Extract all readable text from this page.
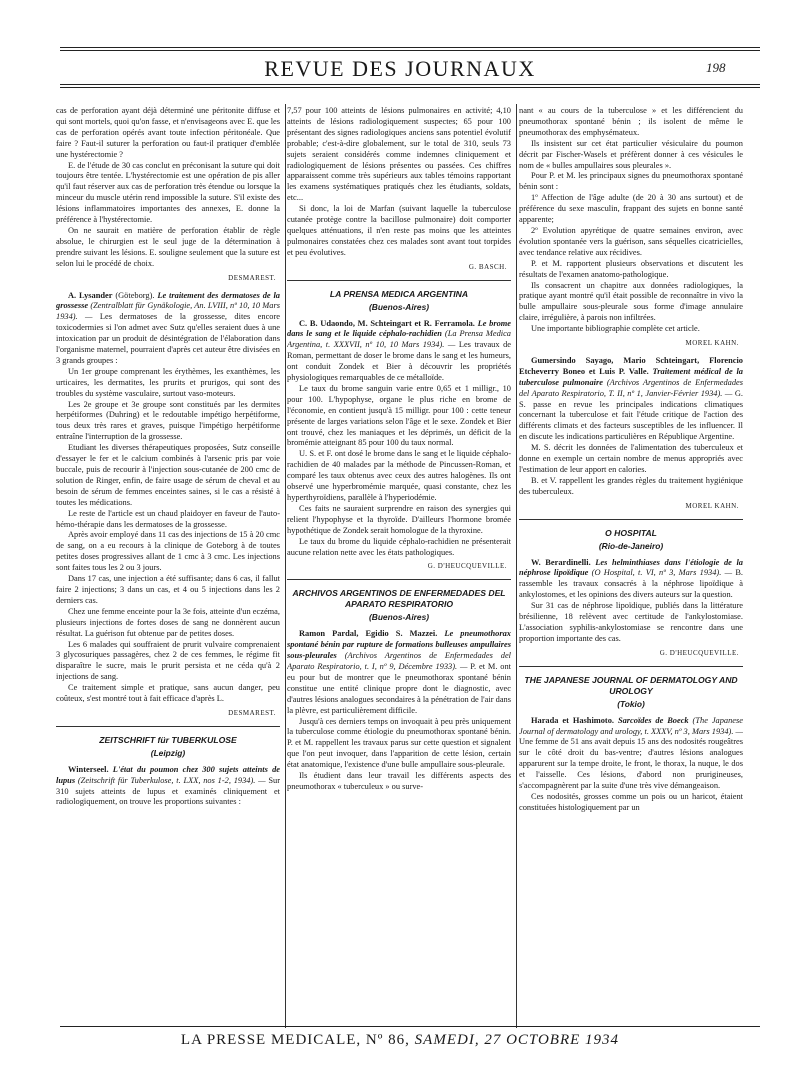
REVUE DES JOURNAUX	198

cas de perforation ayant déjà déterminé une péritonite diffuse et qui sont mortels, quoi qu'on fasse, et n'envisageons avec E. que les cas de perforation opérés avant toute infection péritonéale. Que faire ? Faut-il suturer la perforation ou faut-il pratiquer d'emblée une hystérectomie ?

E. de l'étude de 30 cas conclut en préconisant la suture qui doit toujours être tentée. L'hystérectomie est une opération de pis aller qu'il faut réserver aux cas de perforation très étendue ou lorsque la minceur du muscle utérin rend impossible la suture. S'il existe des lésions inflammatoires importantes des annexes, E. donne la préférence à l'hystérectomie.

On ne saurait en matière de perforation établir de règle absolue, le chirurgien est le seul juge de la détermination à prendre suivant les lésions. E. souligne seulement que la suture est selon lui le procédé de choix.

DESMAREST.

A. Lysander (Göteborg). Le traitement des dermatoses de la grossesse (Zentralblatt für Gynäkologie, An. LVIII, nº 10, 10 Mars 1934). — Les dermatoses de la grossesse, dites encore toxicodermies si l'on admet avec Sutz qu'elles seraient dues à une intoxication par un produit de désintégration de l'élaboration dans l'organisme maternel, pourraient d'après cet auteur être divisées en 3 grands groupes :

Un 1er groupe comprenant les érythèmes, les exanthèmes, les urticaires, les dermatites, les prurits et prurigos, qui sont des troubles du système vasculaire, surtout vaso-moteurs.

Les 2e groupe et 3e groupe sont constitués par les dermites herpétiformes (Duhring) et le redoutable impétigo herpétiforme, tous deux très rares et graves, puisque l'impétigo herpétiforme entraîne l'interruption de la grossesse.

Etudiant les diverses thérapeutiques proposées, Sutz conseille d'essayer le fer et le calcium combinés à l'arsenic pris par voie buccale, puis de recourir à l'injection sous-cutanée de 200 cmc de solution de Ringer, enfin, de faire usage de sérum de cheval et au besoin de sérum de femmes enceintes saines, si le cas a résisté à toutes les médications.

Le reste de l'article est un chaud plaidoyer en faveur de l'auto-hémo-thérapie dans les dermatoses de la grossesse.

Après avoir employé dans 11 cas des injections de 15 à 20 cmc de sang, on a eu recours à la clinique de Goteborg à de toutes petites doses progressives allant de 1 cmc à 3 cmc. Les injections sont faites tous les 2 ou 3 jours.

Dans 17 cas, une injection a été suffisante; dans 6 cas, il fallut faire 2 injections; 3 dans un cas, et 4 ou 5 injections dans les 2 derniers cas.

Chez une femme enceinte pour la 3e fois, atteinte d'un eczéma, plusieurs injections de fortes doses de sang ne donnèrent aucun résultat. La guérison fut obtenue par de petites doses.

Les 6 malades qui souffraient de prurit vulvaire comprenaient 3 glycosuriques passagères, chez 2 de ces femmes, le régime fit disparaître le sucre, mais le prurit persista et ne céda qu'à 2 injections de sang.

Ce traitement simple et pratique, sans aucun danger, peu coûteux, s'est montré tout à fait efficace d'après L.

DESMAREST.
ZEITSCHRIFT für TUBERKULOSE
(Leipzig)

Winterseel. L'état du poumon chez 300 sujets atteints de lupus (Zeitschrift für Tuberkulose, t. LXX, nos 1-2, 1934). — Sur 310 sujets atteints de lupus et examinés cliniquement et radiologiquement, on trouve les proportions suivantes :

7,57 pour 100 atteints de lésions pulmonaires en activité; 4,10 atteints de lésions radiologiquement suspectes; 65 pour 100 présentant des signes radiologiques anciens sans potentiel évolutif probable; c'est-à-dire globalement, sur le total de 310, seuls 73 sujets seraient considérés comme indemnes cliniquement et radiologiquement de lésions présentes ou passées. Ces chiffres apparaissent comme très supérieurs aux tables témoins rapportant les examens systématiques pratiqués chez les étudiants, soldats, etc...

Si donc, la loi de Marfan (suivant laquelle la tuberculose cutanée protège contre la bacillose pulmonaire) doit comporter quelques atténuations, il n'en reste pas moins que les atteintes pulmonaires constatées chez ces malades sont avant tout torpides et peu évolutives.

G. BASCH.
LA PRENSA MEDICA ARGENTINA
(Buenos-Aires)

C. B. Udaondo, M. Schteingart et R. Ferramola. Le brome dans le sang et le liquide céphalo-rachidien (La Prensa Medica Argentina, t. XXXVII, nº 10, 10 Mars 1934). — Les travaux de Roman, permettant de doser le brome dans le sang et les humeurs, ont conduit Zondek et Bier à découvrir les propriétés physiologiques remarquables de ce métalloïde.

Le taux du brome sanguin varie entre 0,65 et 1 milligr., 10 pour 100. L'hypophyse, organe le plus riche en brome de l'économie, en contient jusqu'à 15 milligr. pour 100 : cette teneur présente de larges variations selon l'âge et le sexe. Zondek et Bier ont trouvé, chez les maniaques et les déprimés, un déficit de la bromémie atteignant 85 pour 100 du taux normal.

U. S. et F. ont dosé le brome dans le sang et le liquide céphalo-rachidien de 40 malades par la méthode de Pincussen-Roman, et comparé les taux obtenus avec ceux des autres halogènes. Ils ont observé une hyperbromémie marquée, quasi constante, chez les hyperthyroïdiens, parallèle à l'hyperiodémie.

Ces faits ne sauraient surprendre en raison des synergies qui relient l'hypophyse et la thyroïde. D'ailleurs l'hormone bromée hypothétique de Zondek serait homologue de la thyroxine.

Le taux du brome du liquide céphalo-rachidien ne présenterait aucune relation nette avec les états pathologiques.

G. D'HEUCQUEVILLE.
ARCHIVOS ARGENTINOS DE ENFERMEDADES DEL APARATO RESPIRATORIO
(Buenos-Aires)

Ramon Pardal, Egidio S. Mazzei. Le pneumothorax spontané bénin par rupture de formations bulleuses ampullaires sous-pleurales (Archivos Argentinos de Enfermedades del Aparato Respiratorio, t. I, nº 9, Décembre 1933). — P. et M. ont eu pour but de montrer que le pneumothorax spontané bénin constitue une entité clinique propre dont le diagnostic, avec d'autres lésions analogues secondaires à la pénétration de l'air dans la plèvre, est particulièrement difficile.

Jusqu'à ces derniers temps on invoquait à peu près uniquement la tuberculose comme étiologie du pneumothorax spontané bénin. P. et M. rappellent les travaux parus sur cette question et signalent que l'on peut invoquer, dans l'apparition de cette lésion, certain état anatomique, l'existence d'une bulle ampullaire sous-pleurale.

Ils étudient dans leur travail les différents aspects des pneumothorax « tuberculeux » ou surve-

nant « au cours de la tuberculose » et les différencient du pneumothorax spontané bénin ; ils isolent de même le pneumothorax des emphysémateux.

Ils insistent sur cet état particulier vésiculaire du poumon décrit par Fischer-Wasels et préfèrent donner à ces vésicules le nom de « bulles ampullaires sous pleurales ».

Pour P. et M. les principaux signes du pneumothorax spontané bénin sont :

1º Affection de l'âge adulte (de 20 à 30 ans surtout) et de préférence du sexe masculin, frappant des sujets en bonne santé apparente;

2º Evolution apyrétique de quatre semaines environ, avec évolution spontanée vers la guérison, sans séquelles cicatricielles, avec tendance relative aux récidives.

P. et M. rapportent plusieurs observations et discutent les résultats de l'examen anatomo-pathologique.

Ils consacrent un chapitre aux données radiologiques, la pratique ayant montré qu'il était possible de reconnaître in vivo la bulle ampullaire sous-pleurale sous forme d'image annulaire claire, irrégulière, à parois non infiltrées.

Une importante bibliographie complète cet article.

MOREL KAHN.

Gumersindo Sayago, Mario Schteingart, Florencio Etcheverry Boneo et Luis P. Valle. Traitement médical de la tuberculose pulmonaire (Archivos Argentinos de Enfermedades del Aparato Respiratorio, T. II, nº 1, Janvier-Février 1934). — G. S. passe en revue les principales indications climatiques concernant la tuberculose et fait l'étude critique de l'action des différents climats et des facteurs susceptibles de les influencer. Il en discute les indications particulières en République Argentine.

M. S. décrit les données de l'alimentation des tuberculeux et donne en exemple un certain nombre de menus appropriés avec l'estimation de leur apport en calories.

B. et V. rappellent les grandes règles du traitement hygiénique des tuberculeux.

MOREL KAHN.
O HOSPITAL
(Rio-de-Janeiro)

W. Berardinelli. Les helminthiases dans l'étiologie de la néphrose lipoïdique (O Hospital, t. VI, nº 3, Mars 1934). — B. rassemble les travaux consacrés à la néphrose lipoïdique à ankylostomes, et les opinions des divers auteurs sur la question.

Sur 31 cas de néphrose lipoïdique, publiés dans la littérature brésilienne, 18 relèvent avec certitude de l'ankylostomiase. L'association syphilis-ankylostomiase se rencontre dans une proportion importante des cas.

G. D'HEUCQUEVILLE.
THE JAPANESE JOURNAL OF DERMATOLOGY AND UROLOGY
(Tokio)

Harada et Hashimoto. Sarcoïdes de Boeck (The Japanese Journal of dermatology and urology, t. XXXV, nº 3, Mars 1934). — Une femme de 51 ans avait depuis 15 ans des nodosités rougeâtres sur le côté droit du bas-ventre; d'autres lésions analogues apparurent sur la tempe droite, le front, le thorax, la nuque, le dos et l'aisselle. Ces lésions, d'abord non prurigineuses, s'accompagnèrent par la suite d'une très vive démangeaison.

Ces nodosités, grosses comme un pois ou un haricot, étaient constituées histologiquement par un

LA PRESSE MEDICALE, Nº 86, SAMEDI, 27 OCTOBRE 1934
